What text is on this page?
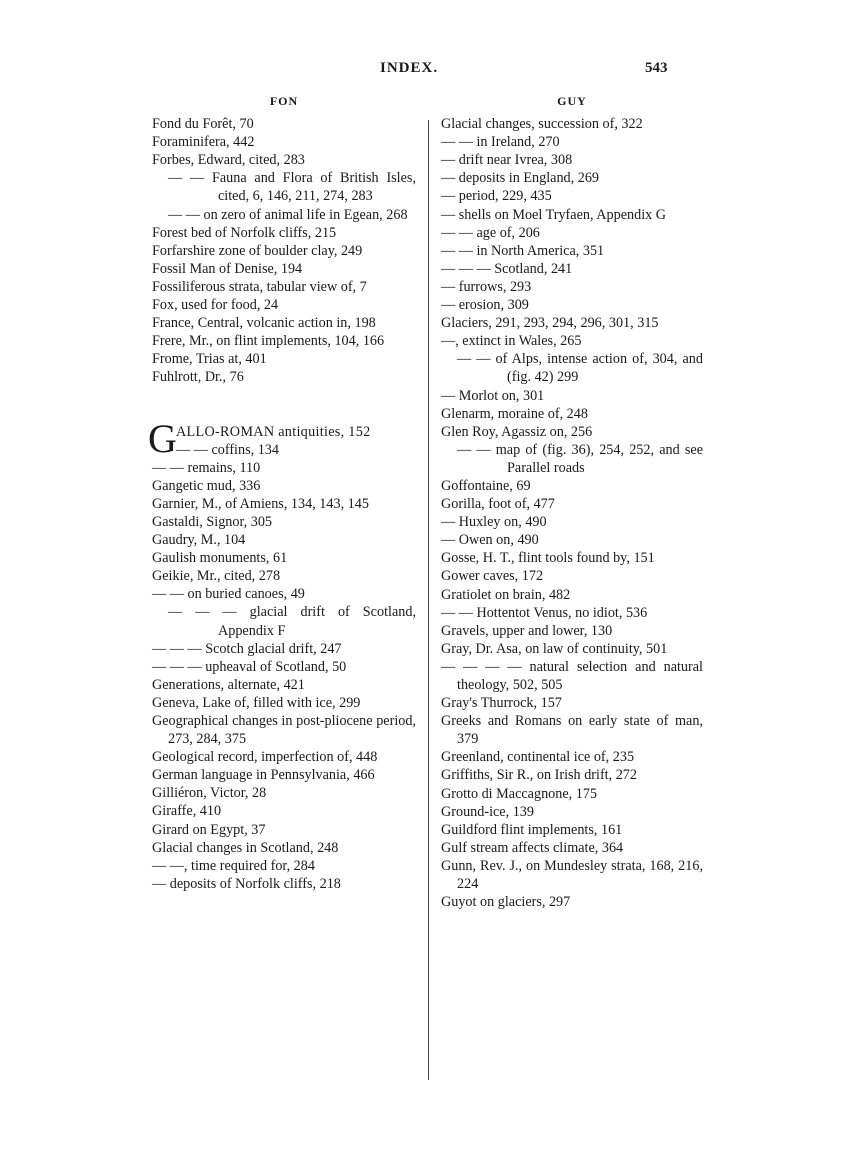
INDEX.	543
FON

Fond du Forêt, 70

Foraminifera, 442

Forbes, Edward, cited, 283

— — Fauna and Flora of British Isles, cited, 6, 146, 211, 274, 283

— — on zero of animal life in Egean, 268

Forest bed of Norfolk cliffs, 215

Forfarshire zone of boulder clay, 249

Fossil Man of Denise, 194

Fossiliferous strata, tabular view of, 7

Fox, used for food, 24

France, Central, volcanic action in, 198

Frere, Mr., on flint implements, 104, 166

Frome, Trias at, 401

Fuhlrott, Dr., 76

G ALLO-ROMAN antiquities, 152
— — coffins, 134

— — remains, 110

Gangetic mud, 336

Garnier, M., of Amiens, 134, 143, 145

Gastaldi, Signor, 305

Gaudry, M., 104

Gaulish monuments, 61

Geikie, Mr., cited, 278

— — on buried canoes, 49

— — — glacial drift of Scotland, Appendix F

— — — Scotch glacial drift, 247

— — — upheaval of Scotland, 50

Generations, alternate, 421

Geneva, Lake of, filled with ice, 299

Geographical changes in post-pliocene period, 273, 284, 375

Geological record, imperfection of, 448

German language in Pennsylvania, 466

Gilliéron, Victor, 28

Giraffe, 410

Girard on Egypt, 37

Glacial changes in Scotland, 248

— —, time required for, 284

— deposits of Norfolk cliffs, 218

GUY

Glacial changes, succession of, 322

— — in Ireland, 270

— drift near Ivrea, 308

— deposits in England, 269

— period, 229, 435

— shells on Moel Tryfaen, Appendix G

— — age of, 206

— — in North America, 351

— — — Scotland, 241

— furrows, 293

— erosion, 309

Glaciers, 291, 293, 294, 296, 301, 315

—, extinct in Wales, 265

— — of Alps, intense action of, 304, and (fig. 42) 299

— Morlot on, 301

Glenarm, moraine of, 248

Glen Roy, Agassiz on, 256

— — map of (fig. 36), 254, 252, and see Parallel roads

Goffontaine, 69

Gorilla, foot of, 477

— Huxley on, 490

— Owen on, 490

Gosse, H. T., flint tools found by, 151

Gower caves, 172

Gratiolet on brain, 482

— — Hottentot Venus, no idiot, 536

Gravels, upper and lower, 130

Gray, Dr. Asa, on law of continuity, 501

— — — — natural selection and natural theology, 502, 505

Gray's Thurrock, 157

Greeks and Romans on early state of man, 379

Greenland, continental ice of, 235

Griffiths, Sir R., on Irish drift, 272

Grotto di Maccagnone, 175

Ground-ice, 139

Guildford flint implements, 161

Gulf stream affects climate, 364

Gunn, Rev. J., on Mundesley strata, 168, 216, 224

Guyot on glaciers, 297
